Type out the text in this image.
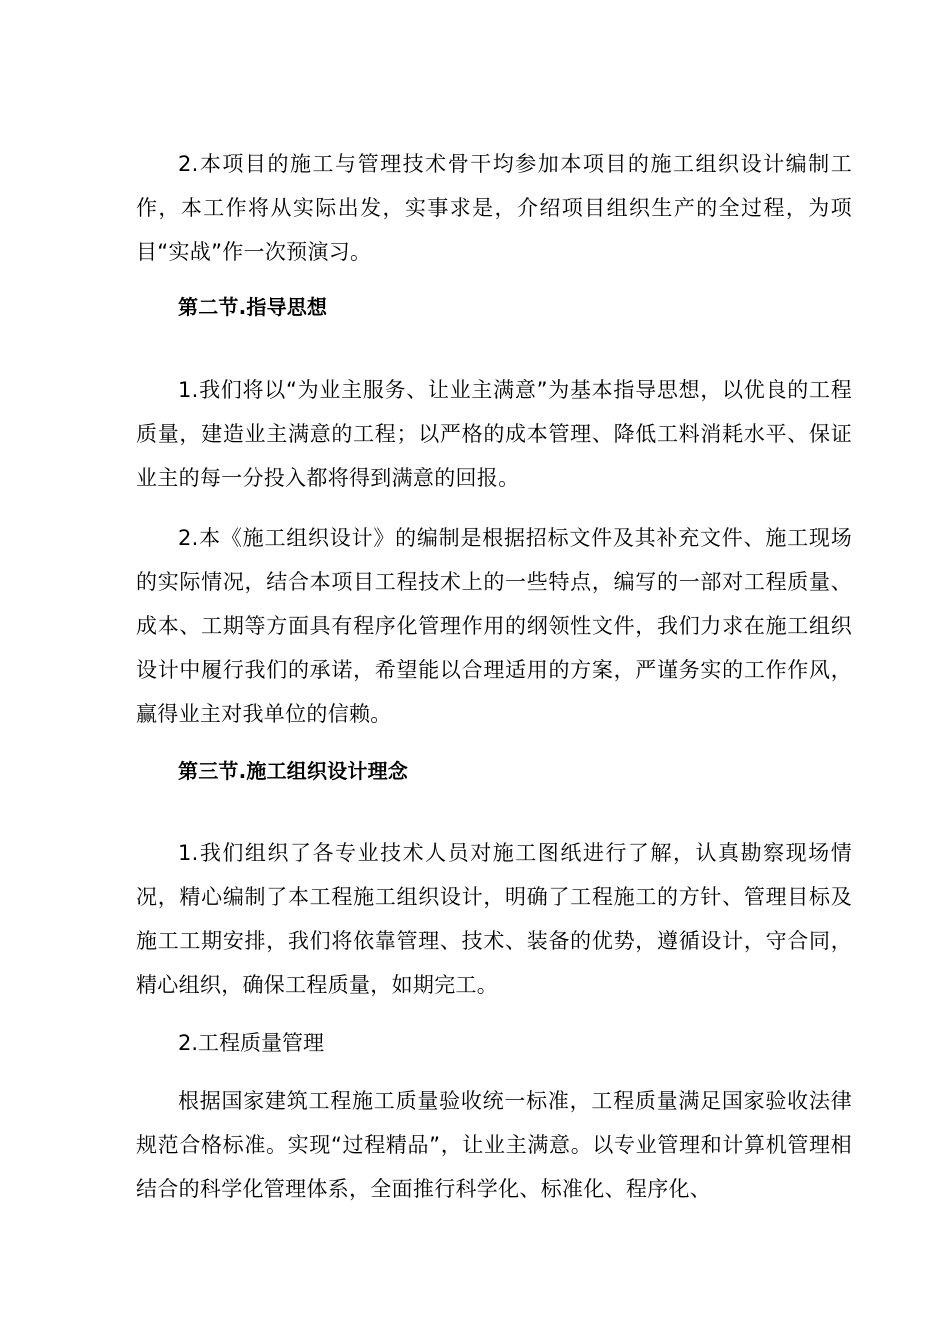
2.本项目的施工与管理技术骨干均参加本项目的施工组织设计编制工作，本工作将从实际出发，实事求是，介绍项目组织生产的全过程，为项目“实战”作一次预演习。

第二节.指导思想

1.我们将以“为业主服务、让业主满意”为基本指导思想，以优良的工程质量，建造业主满意的工程；以严格的成本管理、降低工料消耗水平、保证业主的每一分投入都将得到满意的回报。

2.本《施工组织设计》的编制是根据招标文件及其补充文件、施工现场的实际情况，结合本项目工程技术上的一些特点，编写的一部对工程质量、成本、工期等方面具有程序化管理作用的纲领性文件，我们力求在施工组织设计中履行我们的承诺，希望能以合理适用的方案，严谨务实的工作作风，赢得业主对我单位的信赖。

第三节.施工组织设计理念

1.我们组织了各专业技术人员对施工图纸进行了解，认真勘察现场情况，精心编制了本工程施工组织设计，明确了工程施工的方针、管理目标及施工工期安排，我们将依靠管理、技术、装备的优势，遵循设计，守合同，精心组织，确保工程质量，如期完工。

2.工程质量管理

根据国家建筑工程施工质量验收统一标准，工程质量满足国家验收法律规范合格标准。实现“过程精品”，让业主满意。以专业管理和计算机管理相结合的科学化管理体系，全面推行科学化、标准化、程序化、
